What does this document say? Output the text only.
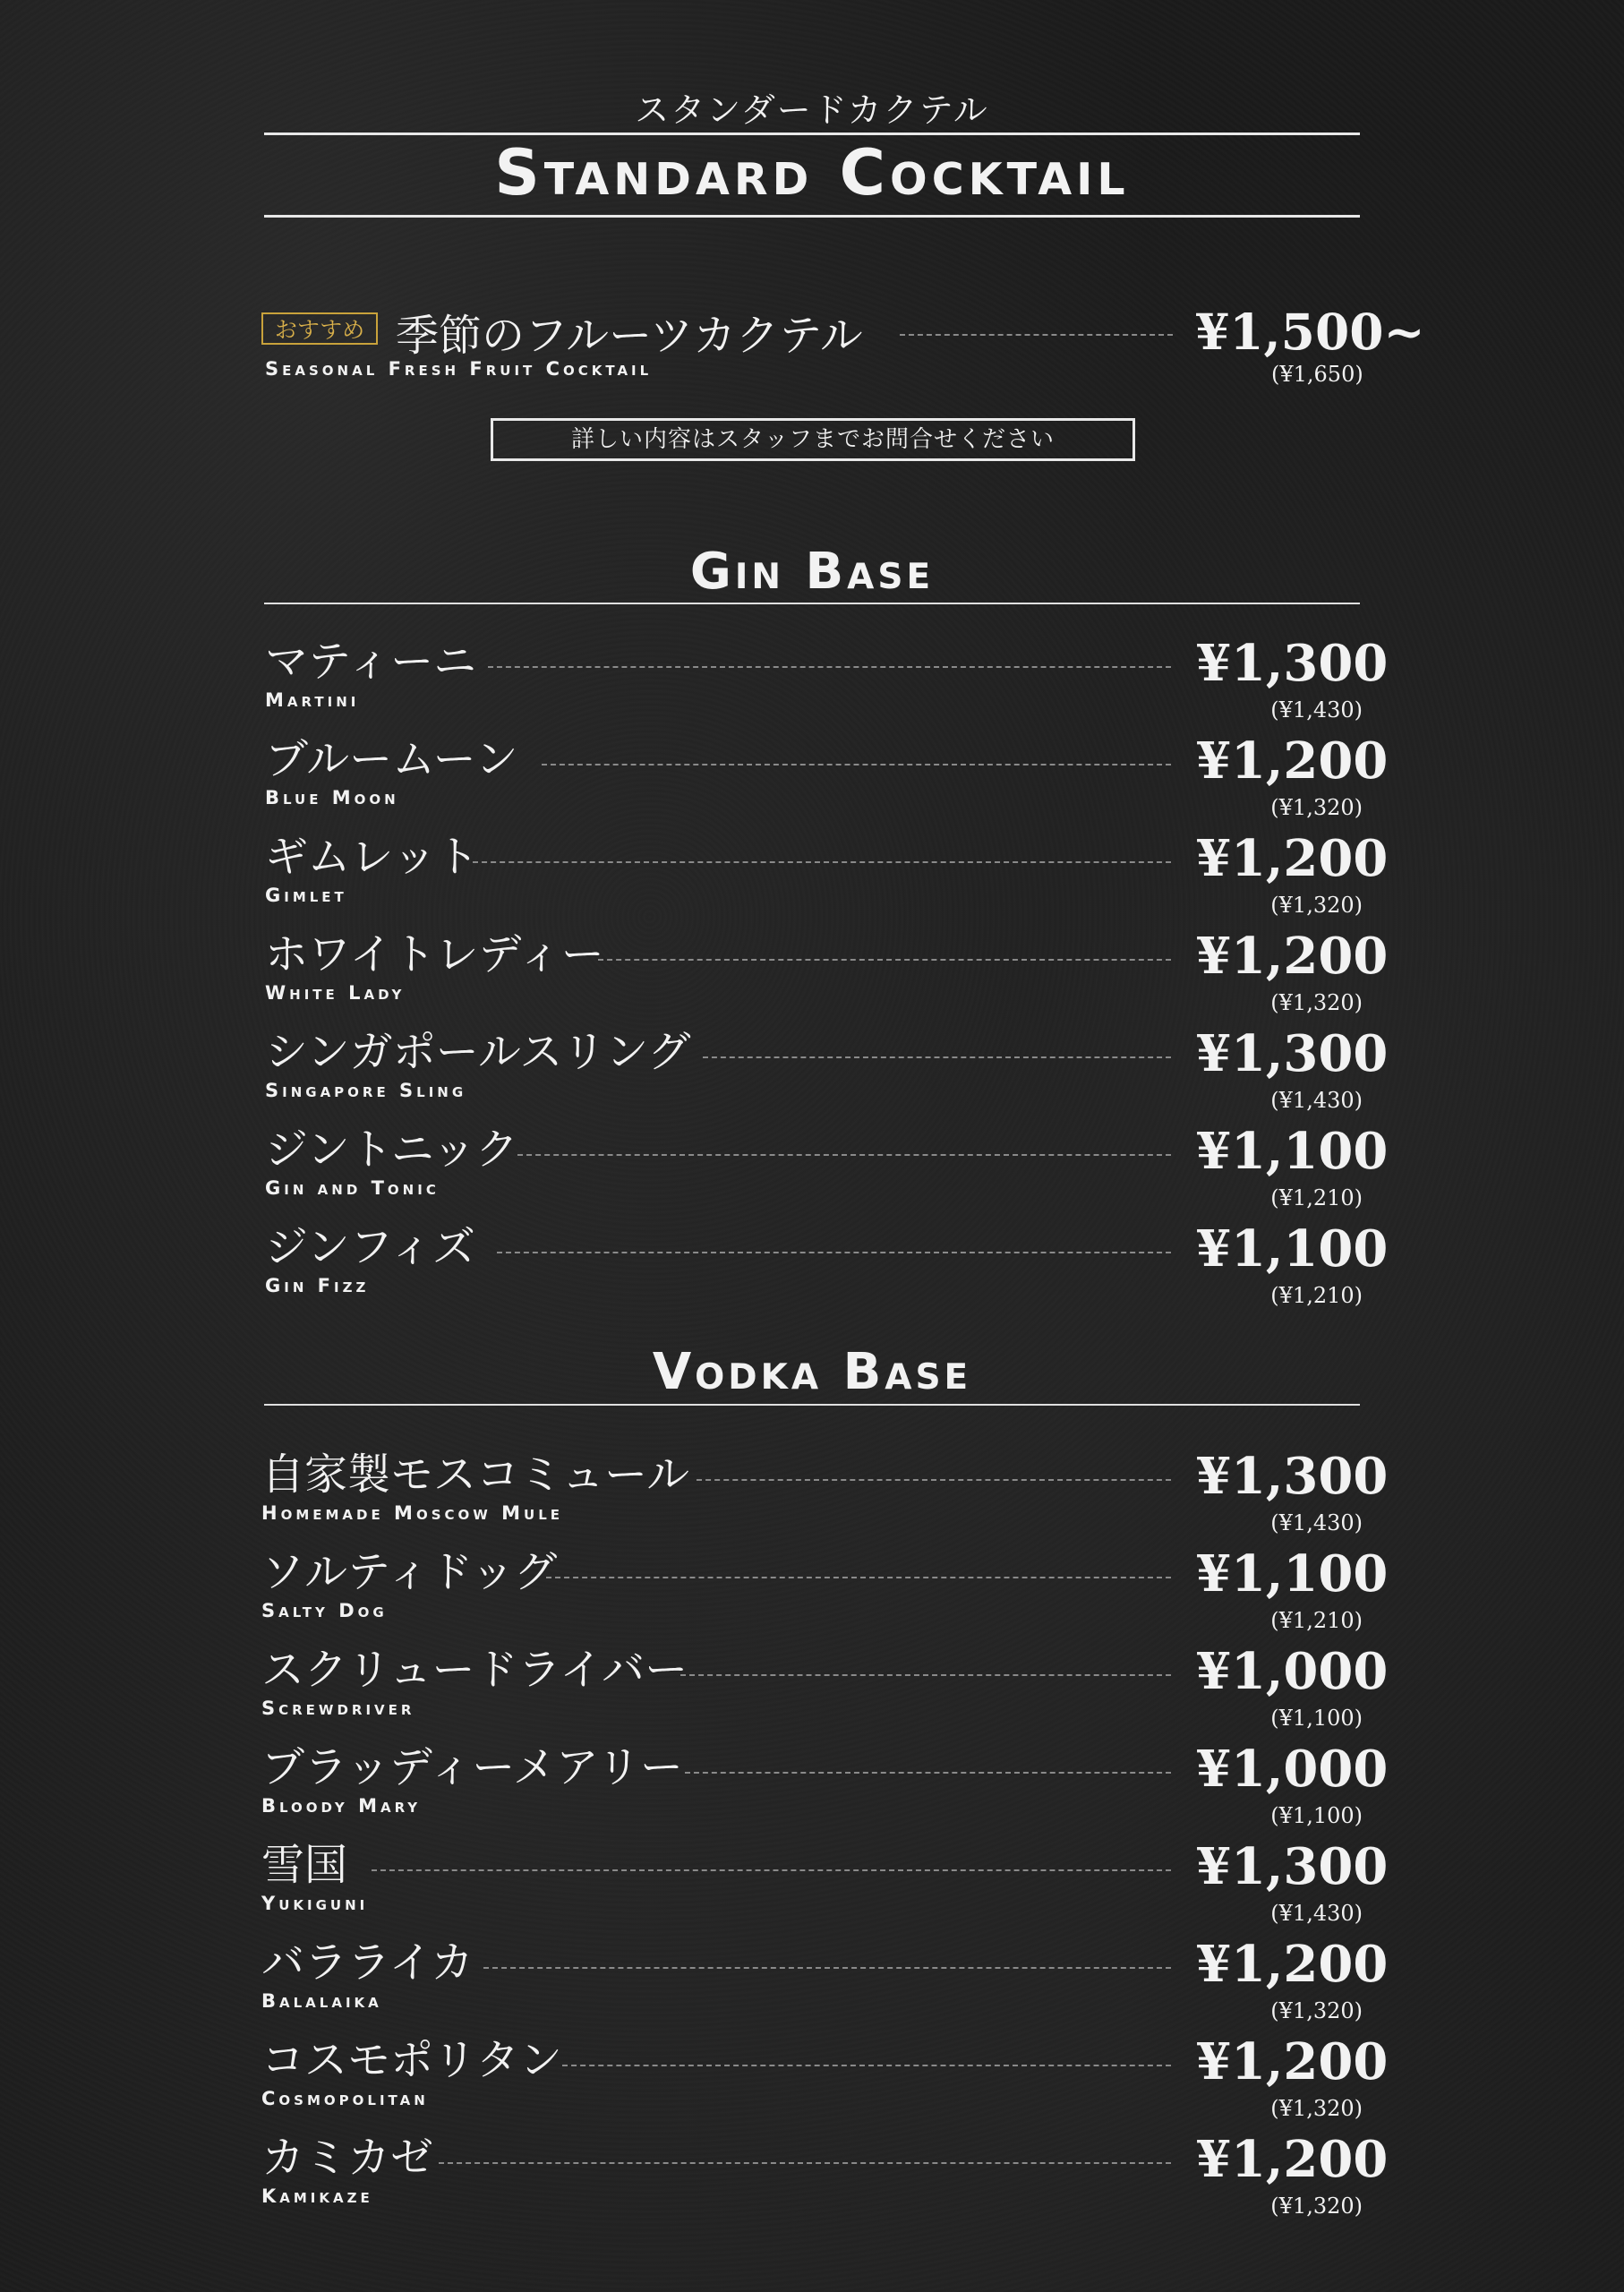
スタンダードカクテル
Standard Cocktail
おすすめ 季節のフルーツカクテル
Seasonal Fresh Fruit Cocktail
¥1,500~
(¥1,650)
詳しい内容はスタッフまでお問合せください
Gin Base
マティーニ
Martini
¥1,300
(¥1,430)
ブルームーン
Blue Moon
¥1,200
(¥1,320)
ギムレット
Gimlet
¥1,200
(¥1,320)
ホワイトレディー
White Lady
¥1,200
(¥1,320)
シンガポールスリング
Singapore Sling
¥1,300
(¥1,430)
ジントニック
Gin and Tonic
¥1,100
(¥1,210)
ジンフィズ
Gin Fizz
¥1,100
(¥1,210)
Vodka Base
自家製モスコミュール
Homemade Moscow Mule
¥1,300
(¥1,430)
ソルティドッグ
Salty Dog
¥1,100
(¥1,210)
スクリュードライバー
Screwdriver
¥1,000
(¥1,100)
ブラッディーメアリー
Bloody Mary
¥1,000
(¥1,100)
雪国
Yukiguni
¥1,300
(¥1,430)
バラライカ
Balalaika
¥1,200
(¥1,320)
コスモポリタン
Cosmopolitan
¥1,200
(¥1,320)
カミカゼ
Kamikaze
¥1,200
(¥1,320)
